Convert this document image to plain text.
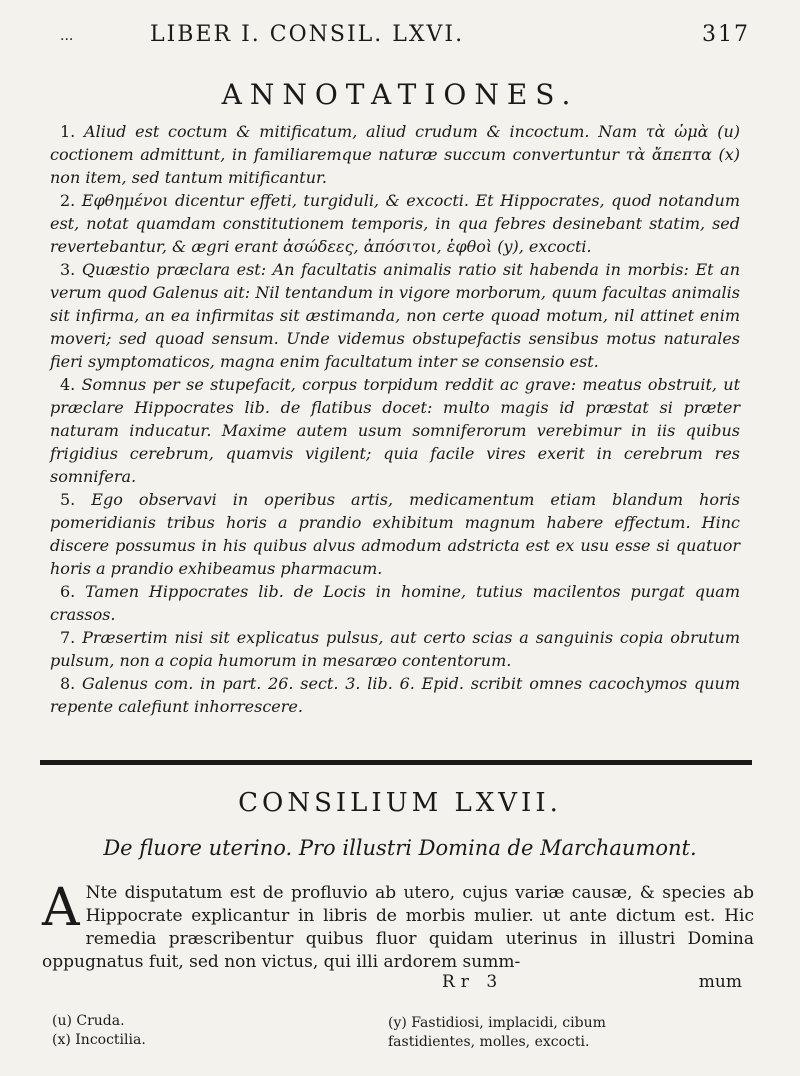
...	LIBER I. CONSIL. LXVI.	317
ANNOTATIONES.

1. Aliud est coctum & mitificatum, aliud crudum & incoctum. Nam τὰ ὠμὰ (u) coctionem admittunt, in familiaremque naturæ succum convertuntur τὰ ἄπεπτα (x) non item, sed tantum mitificantur.

2. Εφθημένοι dicentur effeti, turgiduli, & excocti. Et Hippocrates, quod notandum est, notat quamdam constitutionem temporis, in qua febres desinebant statim, sed revertebantur, & ægri erant ἀσώδεες, ἀπόσιτοι, ἑφθοὶ (y), excocti.

3. Quæstio præclara est: An facultatis animalis ratio sit habenda in morbis: Et an verum quod Galenus ait: Nil tentandum in vigore morborum, quum facultas animalis sit infirma, an ea infirmitas sit æstimanda, non certe quoad motum, nil attinet enim moveri; sed quoad sensum. Unde videmus obstupefactis sensibus motus naturales fieri symptomaticos, magna enim facultatum inter se consensio est.

4. Somnus per se stupefacit, corpus torpidum reddit ac grave: meatus obstruit, ut præclare Hippocrates lib. de flatibus docet: multo magis id præstat si præter naturam inducatur. Maxime autem usum somniferorum verebimur in iis quibus frigidius cerebrum, quamvis vigilent; quia facile vires exerit in cerebrum res somnifera.

5. Ego observavi in operibus artis, medicamentum etiam blandum horis pomeridianis tribus horis a prandio exhibitum magnum habere effectum. Hinc discere possumus in his quibus alvus admodum adstricta est ex usu esse si quatuor horis a prandio exhibeamus pharmacum.

6. Tamen Hippocrates lib. de Locis in homine, tutius macilentos purgat quam crassos.

7. Præsertim nisi sit explicatus pulsus, aut certo scias a sanguinis copia obrutum pulsum, non a copia humorum in mesaræo contentorum.

8. Galenus com. in part. 26. sect. 3. lib. 6. Epid. scribit omnes cacochymos quum repente calefiunt inhorrescere.

CONSILIUM LXVII.
De fluore uterino. Pro illustri Domina de Marchaumont.
A Nte disputatum est de profluvio ab utero, cujus variæ causæ, & species ab Hippocrate explicantur in libris de morbis mulier. ut ante dictum est. Hic remedia præscribentur quibus fluor quidam uterinus in illustri Domina oppugnatus fuit, sed non victus, qui illi ardorem summ-
Rr 3	mum
(u) Cruda.
(x) Incoctilia.
(y) Fastidiosi, implacidi, cibum fastidientes, molles, excocti.
